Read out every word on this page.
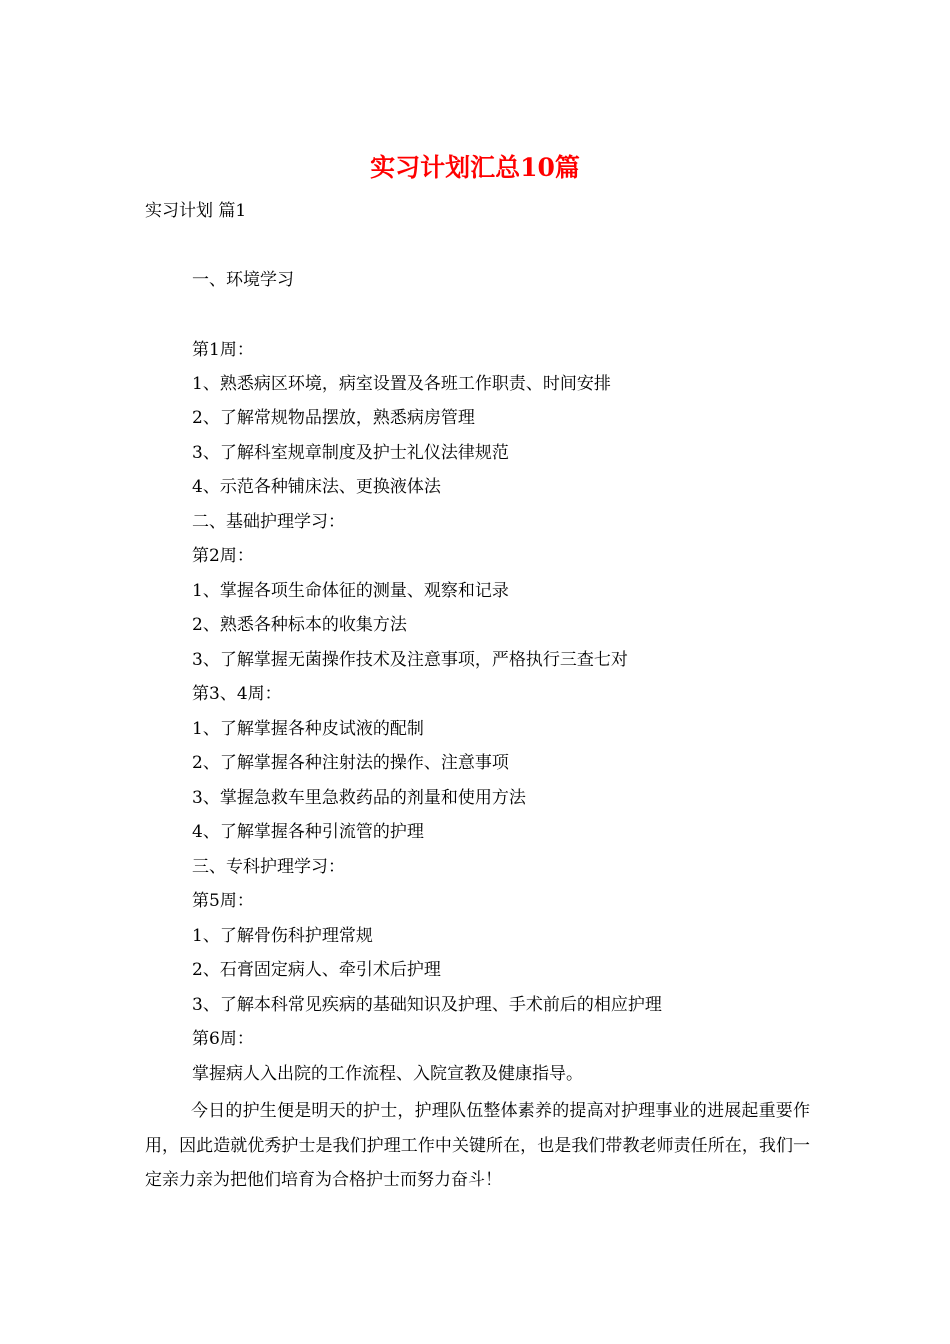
实习计划汇总10篇
实习计划 篇1
一、环境学习
第1周：
1、熟悉病区环境，病室设置及各班工作职责、时间安排
2、了解常规物品摆放，熟悉病房管理
3、了解科室规章制度及护士礼仪法律规范
4、示范各种铺床法、更换液体法
二、基础护理学习：
第2周：
1、掌握各项生命体征的测量、观察和记录
2、熟悉各种标本的收集方法
3、了解掌握无菌操作技术及注意事项，严格执行三查七对
第3、4周：
1、了解掌握各种皮试液的配制
2、了解掌握各种注射法的操作、注意事项
3、掌握急救车里急救药品的剂量和使用方法
4、了解掌握各种引流管的护理
三、专科护理学习：
第5周：
1、了解骨伤科护理常规
2、石膏固定病人、牵引术后护理
3、了解本科常见疾病的基础知识及护理、手术前后的相应护理
第6周：
掌握病人入出院的工作流程、入院宣教及健康指导。
今日的护生便是明天的护士，护理队伍整体素养的提高对护理事业的进展起重要作用，因此造就优秀护士是我们护理工作中关键所在，也是我们带教老师责任所在，我们一定亲力亲为把他们培育为合格护士而努力奋斗！
